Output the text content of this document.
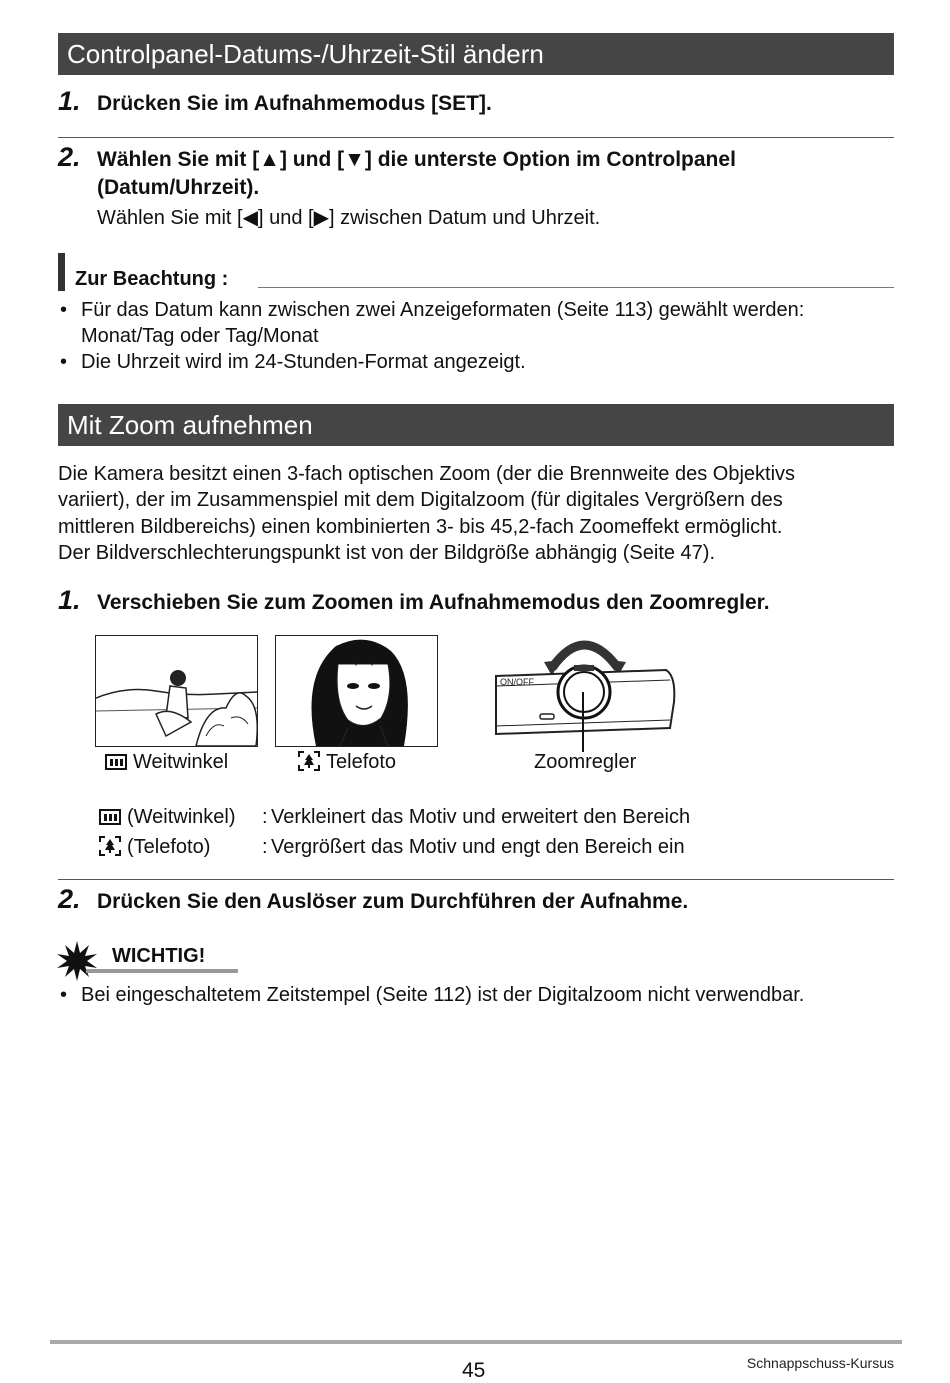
Controlpanel-Datums-/Uhrzeit-Stil ändern
1. Drücken Sie im Aufnahmemodus [SET].
2. Wählen Sie mit [▲] und [▼] die unterste Option im Controlpanel
(Datum/Uhrzeit).
Wählen Sie mit [◀] und [▶] zwischen Datum und Uhrzeit.
Zur Beachtung :
• Für das Datum kann zwischen zwei Anzeigeformaten (Seite 113) gewählt werden: Monat/Tag oder Tag/Monat
• Die Uhrzeit wird im 24-Stunden-Format angezeigt.
Mit Zoom aufnehmen
Die Kamera besitzt einen 3-fach optischen Zoom (der die Brennweite des Objektivs
variiert), der im Zusammenspiel mit dem Digitalzoom (für digitales Vergrößern des
mittleren Bildbereichs) einen kombinierten 3- bis 45,2-fach Zoomeffekt ermöglicht.
Der Bildverschlechterungspunkt ist von der Bildgröße abhängig (Seite 47).
1. Verschieben Sie zum Zoomen im Aufnahmemodus den Zoomregler.
ON/OFF
Weitwinkel	Telefoto	Zoomregler
(Weitwinkel) : Verkleinert das Motiv und erweitert den Bereich
(Telefoto)	: Vergrößert das Motiv und engt den Bereich ein
2. Drücken Sie den Auslöser zum Durchführen der Aufnahme.
WICHTIG!
• Bei eingeschaltetem Zeitstempel (Seite 112) ist der Digitalzoom nicht verwendbar.
45	Schnappschuss-Kursus
